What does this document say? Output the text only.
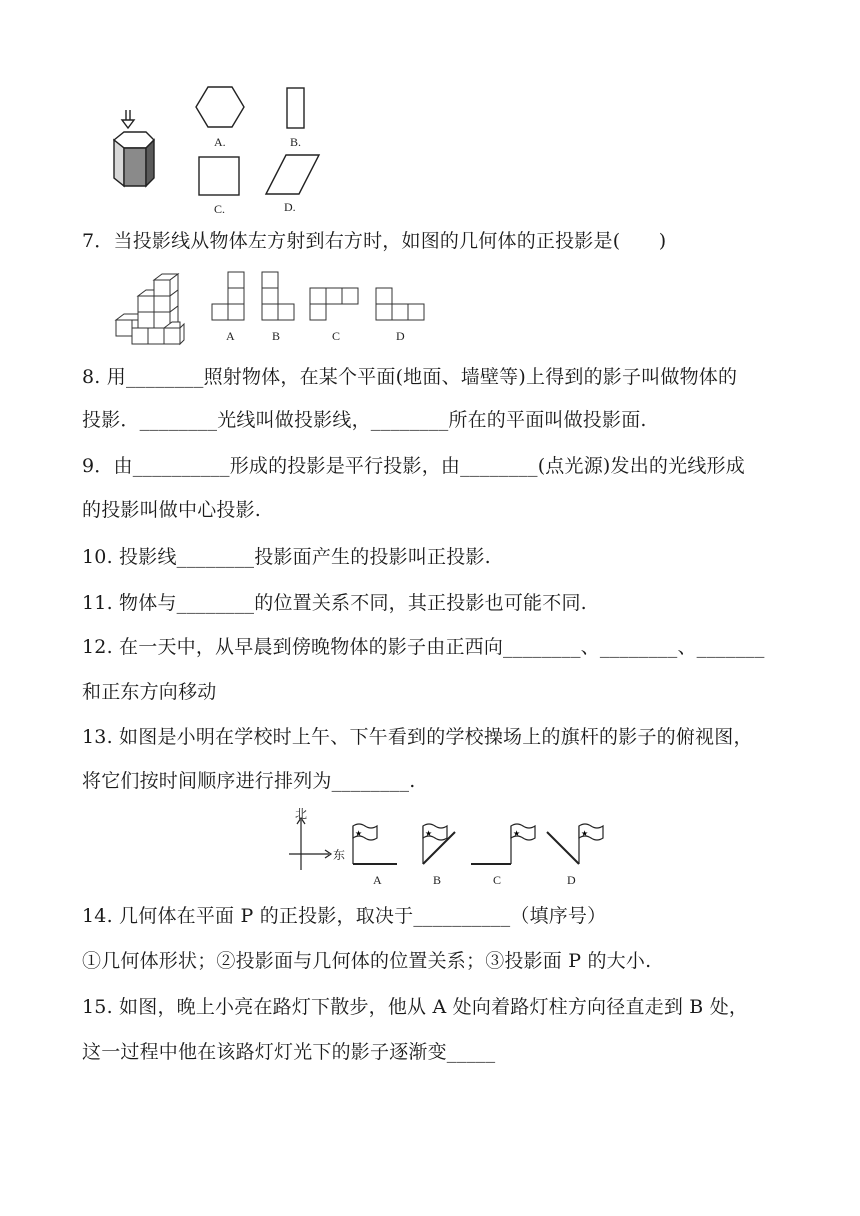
A.	B.
C.	D.
7．当投影线从物体左方射到右方时，如图的几何体的正投影是(　　)
A	B	C	D
8. 用________照射物体，在某个平面(地面、墙壁等)上得到的影子叫做物体的
投影．________光线叫做投影线，________所在的平面叫做投影面.
9．由__________形成的投影是平行投影，由________(点光源)发出的光线形成
的投影叫做中心投影.
10. 投影线________投影面产生的投影叫正投影.
11. 物体与________的位置关系不同，其正投影也可能不同.
12. 在一天中，从早晨到傍晚物体的影子由正西向________、________、_______
和正东方向移动
13. 如图是小明在学校时上午、下午看到的学校操场上的旗杆的影子的俯视图，
将它们按时间顺序进行排列为________.
北
东
★
A
★
B
★
C
★
D
14. 几何体在平面 P 的正投影，取决于__________（填序号）
①几何体形状；②投影面与几何体的位置关系；③投影面 P 的大小.
15. 如图，晚上小亮在路灯下散步，他从 A 处向着路灯柱方向径直走到 B 处，
这一过程中他在该路灯灯光下的影子逐渐变_____
